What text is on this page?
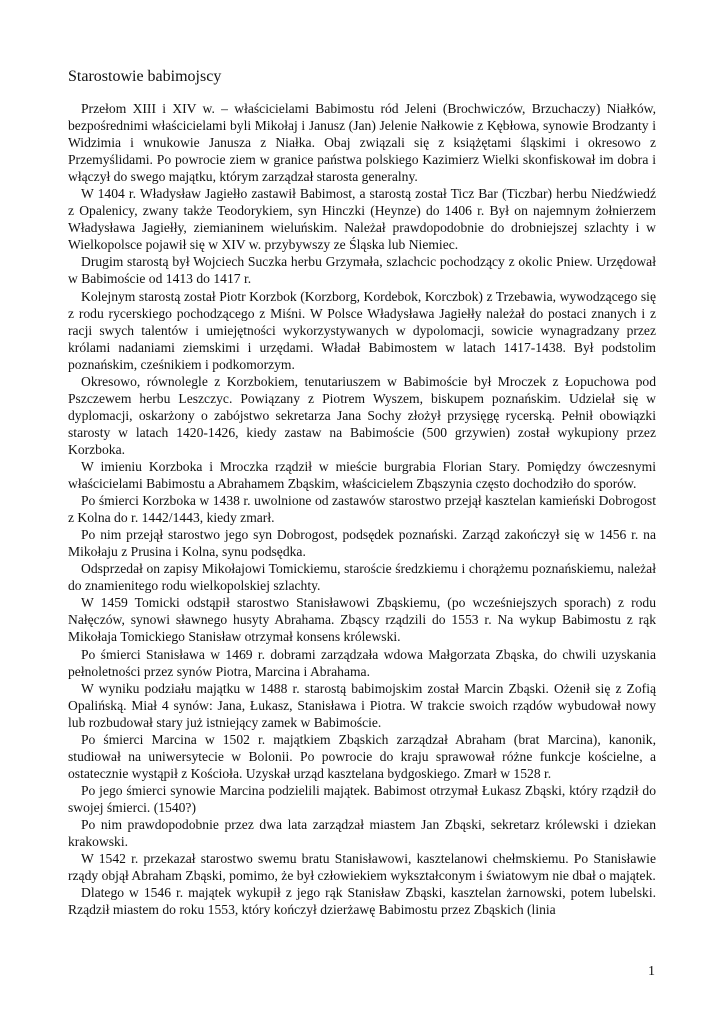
Starostowie babimojscy

Przełom XIII i XIV w. – właścicielami Babimostu ród Jeleni (Brochwiczów, Brzuchaczy) Niałków, bezpośrednimi właścicielami byli Mikołaj i Janusz (Jan) Jelenie Nałkowie z Kębłowa, synowie Brodzanty i Widzimia i wnukowie Janusza z Niałka. Obaj związali się z książętami śląskimi i okresowo z Przemyślidami. Po powrocie ziem w granice państwa polskiego Kazimierz Wielki skonfiskował im dobra i włączył do swego majątku, którym zarządzał starosta generalny.

W 1404 r. Władysław Jagiełło zastawił Babimost, a starostą został Ticz Bar (Ticzbar) herbu Niedźwiedź z Opalenicy, zwany także Teodorykiem, syn Hinczki (Heynze) do 1406 r. Był on najemnym żołnierzem Władysława Jagiełły, ziemianinem wieluńskim. Należał prawdopodobnie do drobniejszej szlachty i w Wielkopolsce pojawił się w XIV w. przybywszy ze Śląska lub Niemiec.

Drugim starostą był Wojciech Suczka herbu Grzymała, szlachcic pochodzący z okolic Pniew. Urzędował w Babimoście od 1413 do 1417 r.

Kolejnym starostą został Piotr Korzbok (Korzborg, Kordebok, Korczbok) z Trzebawia, wywodzącego się z rodu rycerskiego pochodzącego z Miśni. W Polsce Władysława Jagiełły należał do postaci znanych i z racji swych talentów i umiejętności wykorzystywanych w dypolomacji, sowicie wynagradzany przez królami nadaniami ziemskimi i urzędami. Władał Babimostem w latach 1417-1438. Był podstolim poznańskim, cześnikiem i podkomorzym.

Okresowo, równolegle z Korzbokiem, tenutariuszem w Babimoście był Mroczek z Łopuchowa pod Pszczewem herbu Leszczyc. Powiązany z Piotrem Wyszem, biskupem poznańskim. Udzielał się w dyplomacji, oskarżony o zabójstwo sekretarza Jana Sochy złożył przysięgę rycerską. Pełnił obowiązki starosty w latach 1420-1426, kiedy zastaw na Babimoście (500 grzywien) został wykupiony przez Korzboka.

W imieniu Korzboka i Mroczka rządził w mieście burgrabia Florian Stary. Pomiędzy ówczesnymi właścicielami Babimostu a Abrahamem Zbąskim, właścicielem Zbąszynia często dochodziło do sporów.

Po śmierci Korzboka w 1438 r. uwolnione od zastawów starostwo przejął kasztelan kamieński Dobrogost z Kolna do r. 1442/1443, kiedy zmarł.

Po nim przejął starostwo jego syn Dobrogost, podsędek poznański. Zarząd zakończył się w 1456 r. na Mikołaju z Prusina i Kolna, synu podsędka.

Odsprzedał on zapisy Mikołajowi Tomickiemu, staroście średzkiemu i chorążemu poznańskiemu, należał do znamienitego rodu wielkopolskiej szlachty.

W 1459 Tomicki odstąpił starostwo Stanisławowi Zbąskiemu, (po wcześniejszych sporach) z rodu Nałęczów, synowi sławnego husyty Abrahama. Zbąscy rządzili do 1553 r. Na wykup Babimostu z rąk Mikołaja Tomickiego Stanisław otrzymał konsens królewski.

Po śmierci Stanisława w 1469 r. dobrami zarządzała wdowa Małgorzata Zbąska, do chwili uzyskania pełnoletności przez synów Piotra, Marcina i Abrahama.

W wyniku podziału majątku w 1488 r. starostą babimojskim został Marcin Zbąski. Ożenił się z Zofią Opalińską. Miał 4 synów: Jana, Łukasz, Stanisława i Piotra. W trakcie swoich rządów wybudował nowy lub rozbudował stary już istniejący zamek w Babimoście.

Po śmierci Marcina w 1502 r. majątkiem Zbąskich zarządzał Abraham (brat Marcina), kanonik, studiował na uniwersytecie w Bolonii. Po powrocie do kraju sprawował różne funkcje kościelne, a ostatecznie wystąpił z Kościoła. Uzyskał urząd kasztelana bydgoskiego. Zmarł w 1528 r.

Po jego śmierci synowie Marcina podzielili majątek. Babimost otrzymał Łukasz Zbąski, który rządził do swojej śmierci. (1540?)

Po nim prawdopodobnie przez dwa lata zarządzał miastem Jan Zbąski, sekretarz królewski i dziekan krakowski.

W 1542 r. przekazał starostwo swemu bratu Stanisławowi, kasztelanowi chełmskiemu. Po Stanisławie rządy objął Abraham Zbąski, pomimo, że był człowiekiem wykształconym i światowym nie dbał o majątek.

Dlatego w 1546 r. majątek wykupił z jego rąk Stanisław Zbąski, kasztelan żarnowski, potem lubelski. Rządził miastem do roku 1553, który kończył dzierżawę Babimostu przez Zbąskich (linia

1
